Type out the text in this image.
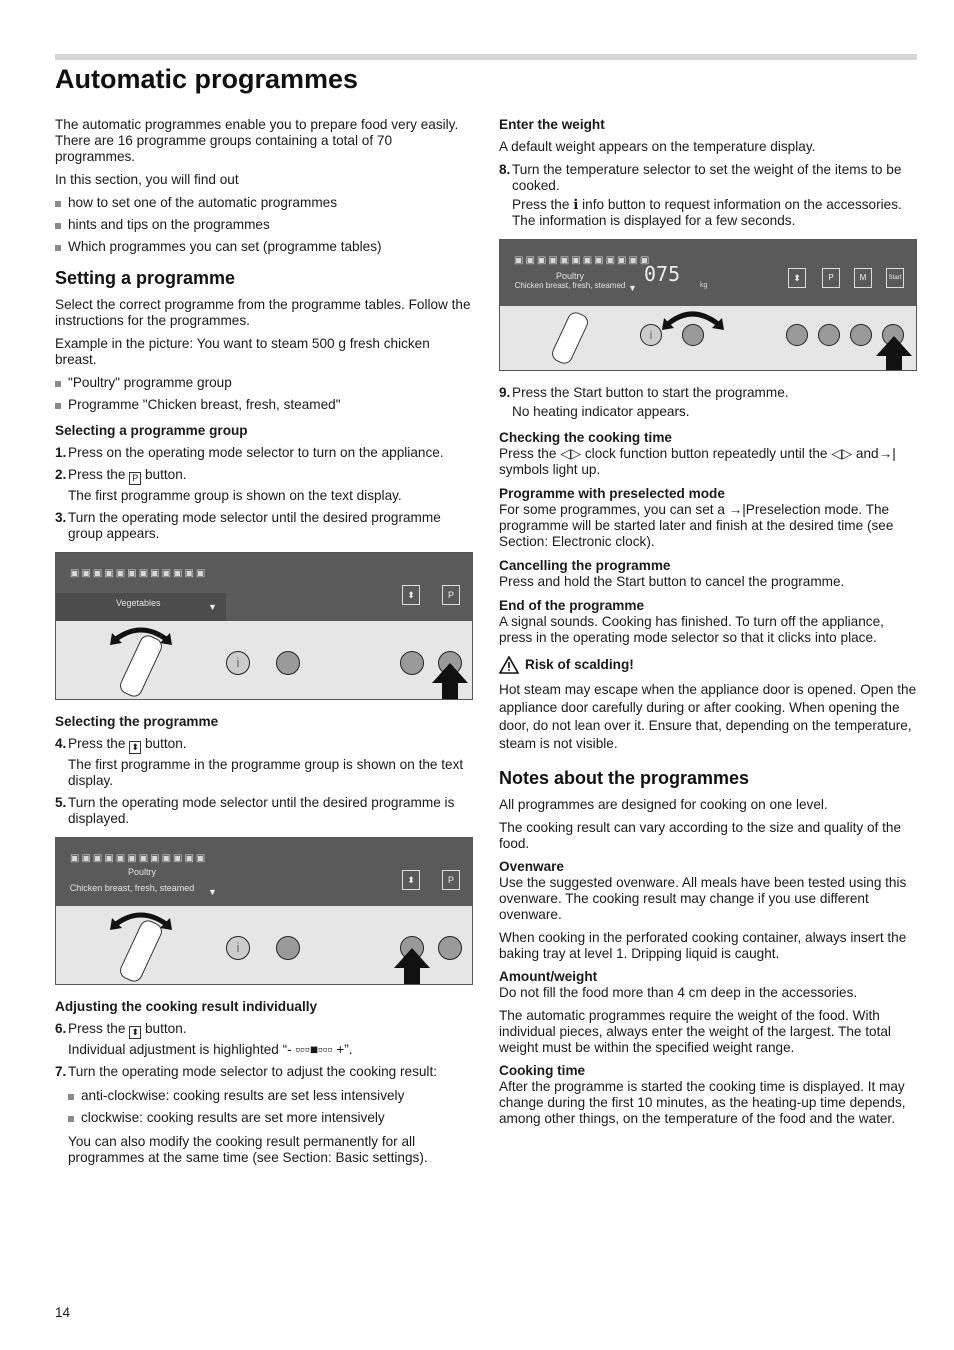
Automatic programmes

The automatic programmes enable you to prepare food very easily. There are 16 programme groups containing a total of 70 programmes.

In this section, you will find out

how to set one of the automatic programmes
hints and tips on the programmes
Which programmes you can set (programme tables)
Setting a programme

Select the correct programme from the programme tables. Follow the instructions for the programmes.

Example in the picture: You want to steam 500 g fresh chicken breast.

"Poultry" programme group
Programme "Chicken breast, fresh, steamed"
Selecting a programme group
1. Press on the operating mode selector to turn on the appliance.
2. Press the P button.
The first programme group is shown on the text display.
3. Turn the operating mode selector until the desired programme group appears.
▣▣▣▣▣▣▣▣▣▣▣▣
Vegetables	▼
⬍	P
i
Selecting the programme
4. Press the ⬍ button.
The first programme in the programme group is shown on the text display.
5. Turn the operating mode selector until the desired programme is displayed.
▣▣▣▣▣▣▣▣▣▣▣▣
Poultry
Chicken breast, fresh, steamed	▼
⬍	P
i
Adjusting the cooking result individually
6. Press the ⬍ button.
Individual adjustment is highlighted “- ▫▫▫■▫▫▫ +”.
7. Turn the operating mode selector to adjust the cooking result:
anti-clockwise: cooking results are set less intensively
clockwise: cooking results are set more intensively
You can also modify the cooking result permanently for all programmes at the same time (see Section: Basic settings).
Enter the weight

A default weight appears on the temperature display.

8. Turn the temperature selector to set the weight of the items to be cooked.
Press the ℹ info button to request information on the accessories. The information is displayed for a few seconds.
▣▣▣▣▣▣▣▣▣▣▣▣
Poultry
Chicken breast, fresh, steamed ▼
075	kg
⬍	P	M	Start
i
9. Press the Start button to start the programme.
No heating indicator appears.
Checking the cooking time

Press the ◁▷ clock function button repeatedly until the ◁▷ and→| symbols light up.

Programme with preselected mode

For some programmes, you can set a →|Preselection mode. The programme will be started later and finish at the desired time (see Section: Electronic clock).

Cancelling the programme

Press and hold the Start button to cancel the programme.

End of the programme

A signal sounds. Cooking has finished. To turn off the appliance, press in the operating mode selector so that it clicks into place.

Risk of scalding!

Hot steam may escape when the appliance door is opened. Open the appliance door carefully during or after cooking. When opening the door, do not lean over it. Ensure that, depending on the temperature, steam is not visible.

Notes about the programmes

All programmes are designed for cooking on one level.

The cooking result can vary according to the size and quality of the food.

Ovenware

Use the suggested ovenware. All meals have been tested using this ovenware. The cooking result may change if you use different ovenware.

When cooking in the perforated cooking container, always insert the baking tray at level 1. Dripping liquid is caught.

Amount/weight

Do not fill the food more than 4 cm deep in the accessories.

The automatic programmes require the weight of the food. With individual pieces, always enter the weight of the largest. The total weight must be within the specified weight range.

Cooking time

After the programme is started the cooking time is displayed. It may change during the first 10 minutes, as the heating-up time depends, among other things, on the temperature of the food and the water.

14
